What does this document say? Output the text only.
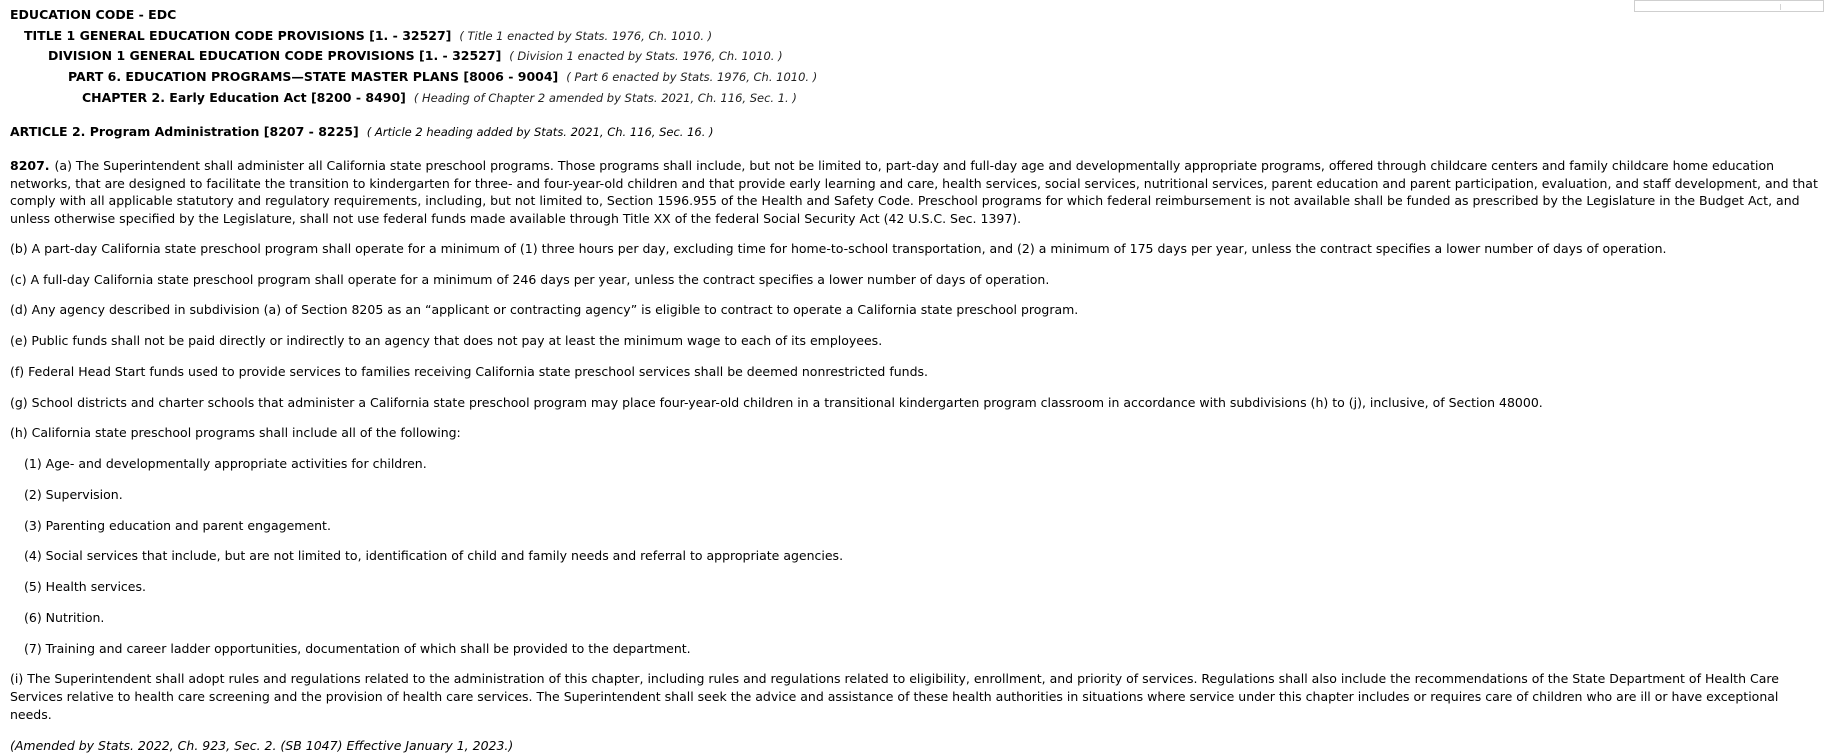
EDUCATION CODE - EDC
TITLE 1 GENERAL EDUCATION CODE PROVISIONS [1. - 32527] ( Title 1 enacted by Stats. 1976, Ch. 1010. )
DIVISION 1 GENERAL EDUCATION CODE PROVISIONS [1. - 32527] ( Division 1 enacted by Stats. 1976, Ch. 1010. )
PART 6. EDUCATION PROGRAMS—STATE MASTER PLANS [8006 - 9004] ( Part 6 enacted by Stats. 1976, Ch. 1010. )
CHAPTER 2. Early Education Act [8200 - 8490] ( Heading of Chapter 2 amended by Stats. 2021, Ch. 116, Sec. 1. )
ARTICLE 2. Program Administration [8207 - 8225] ( Article 2 heading added by Stats. 2021, Ch. 116, Sec. 16. )

8207. (a) The Superintendent shall administer all California state preschool programs. Those programs shall include, but not be limited to, part-day and full-day age and developmentally appropriate programs, offered through childcare centers and family childcare home education networks, that are designed to facilitate the transition to kindergarten for three- and four-year-old children and that provide early learning and care, health services, social services, nutritional services, parent education and parent participation, evaluation, and staff development, and that comply with all applicable statutory and regulatory requirements, including, but not limited to, Section 1596.955 of the Health and Safety Code. Preschool programs for which federal reimbursement is not available shall be funded as prescribed by the Legislature in the Budget Act, and unless otherwise specified by the Legislature, shall not use federal funds made available through Title XX of the federal Social Security Act (42 U.S.C. Sec. 1397).

(b) A part-day California state preschool program shall operate for a minimum of (1) three hours per day, excluding time for home-to-school transportation, and (2) a minimum of 175 days per year, unless the contract specifies a lower number of days of operation.

(c) A full-day California state preschool program shall operate for a minimum of 246 days per year, unless the contract specifies a lower number of days of operation.

(d) Any agency described in subdivision (a) of Section 8205 as an “applicant or contracting agency” is eligible to contract to operate a California state preschool program.

(e) Public funds shall not be paid directly or indirectly to an agency that does not pay at least the minimum wage to each of its employees.

(f) Federal Head Start funds used to provide services to families receiving California state preschool services shall be deemed nonrestricted funds.

(g) School districts and charter schools that administer a California state preschool program may place four-year-old children in a transitional kindergarten program classroom in accordance with subdivisions (h) to (j), inclusive, of Section 48000.

(h) California state preschool programs shall include all of the following:

(1) Age- and developmentally appropriate activities for children.

(2) Supervision.

(3) Parenting education and parent engagement.

(4) Social services that include, but are not limited to, identification of child and family needs and referral to appropriate agencies.

(5) Health services.

(6) Nutrition.

(7) Training and career ladder opportunities, documentation of which shall be provided to the department.

(i) The Superintendent shall adopt rules and regulations related to the administration of this chapter, including rules and regulations related to eligibility, enrollment, and priority of services. Regulations shall also include the recommendations of the State Department of Health Care Services relative to health care screening and the provision of health care services. The Superintendent shall seek the advice and assistance of these health authorities in situations where service under this chapter includes or requires care of children who are ill or have exceptional needs.

(Amended by Stats. 2022, Ch. 923, Sec. 2. (SB 1047) Effective January 1, 2023.)
